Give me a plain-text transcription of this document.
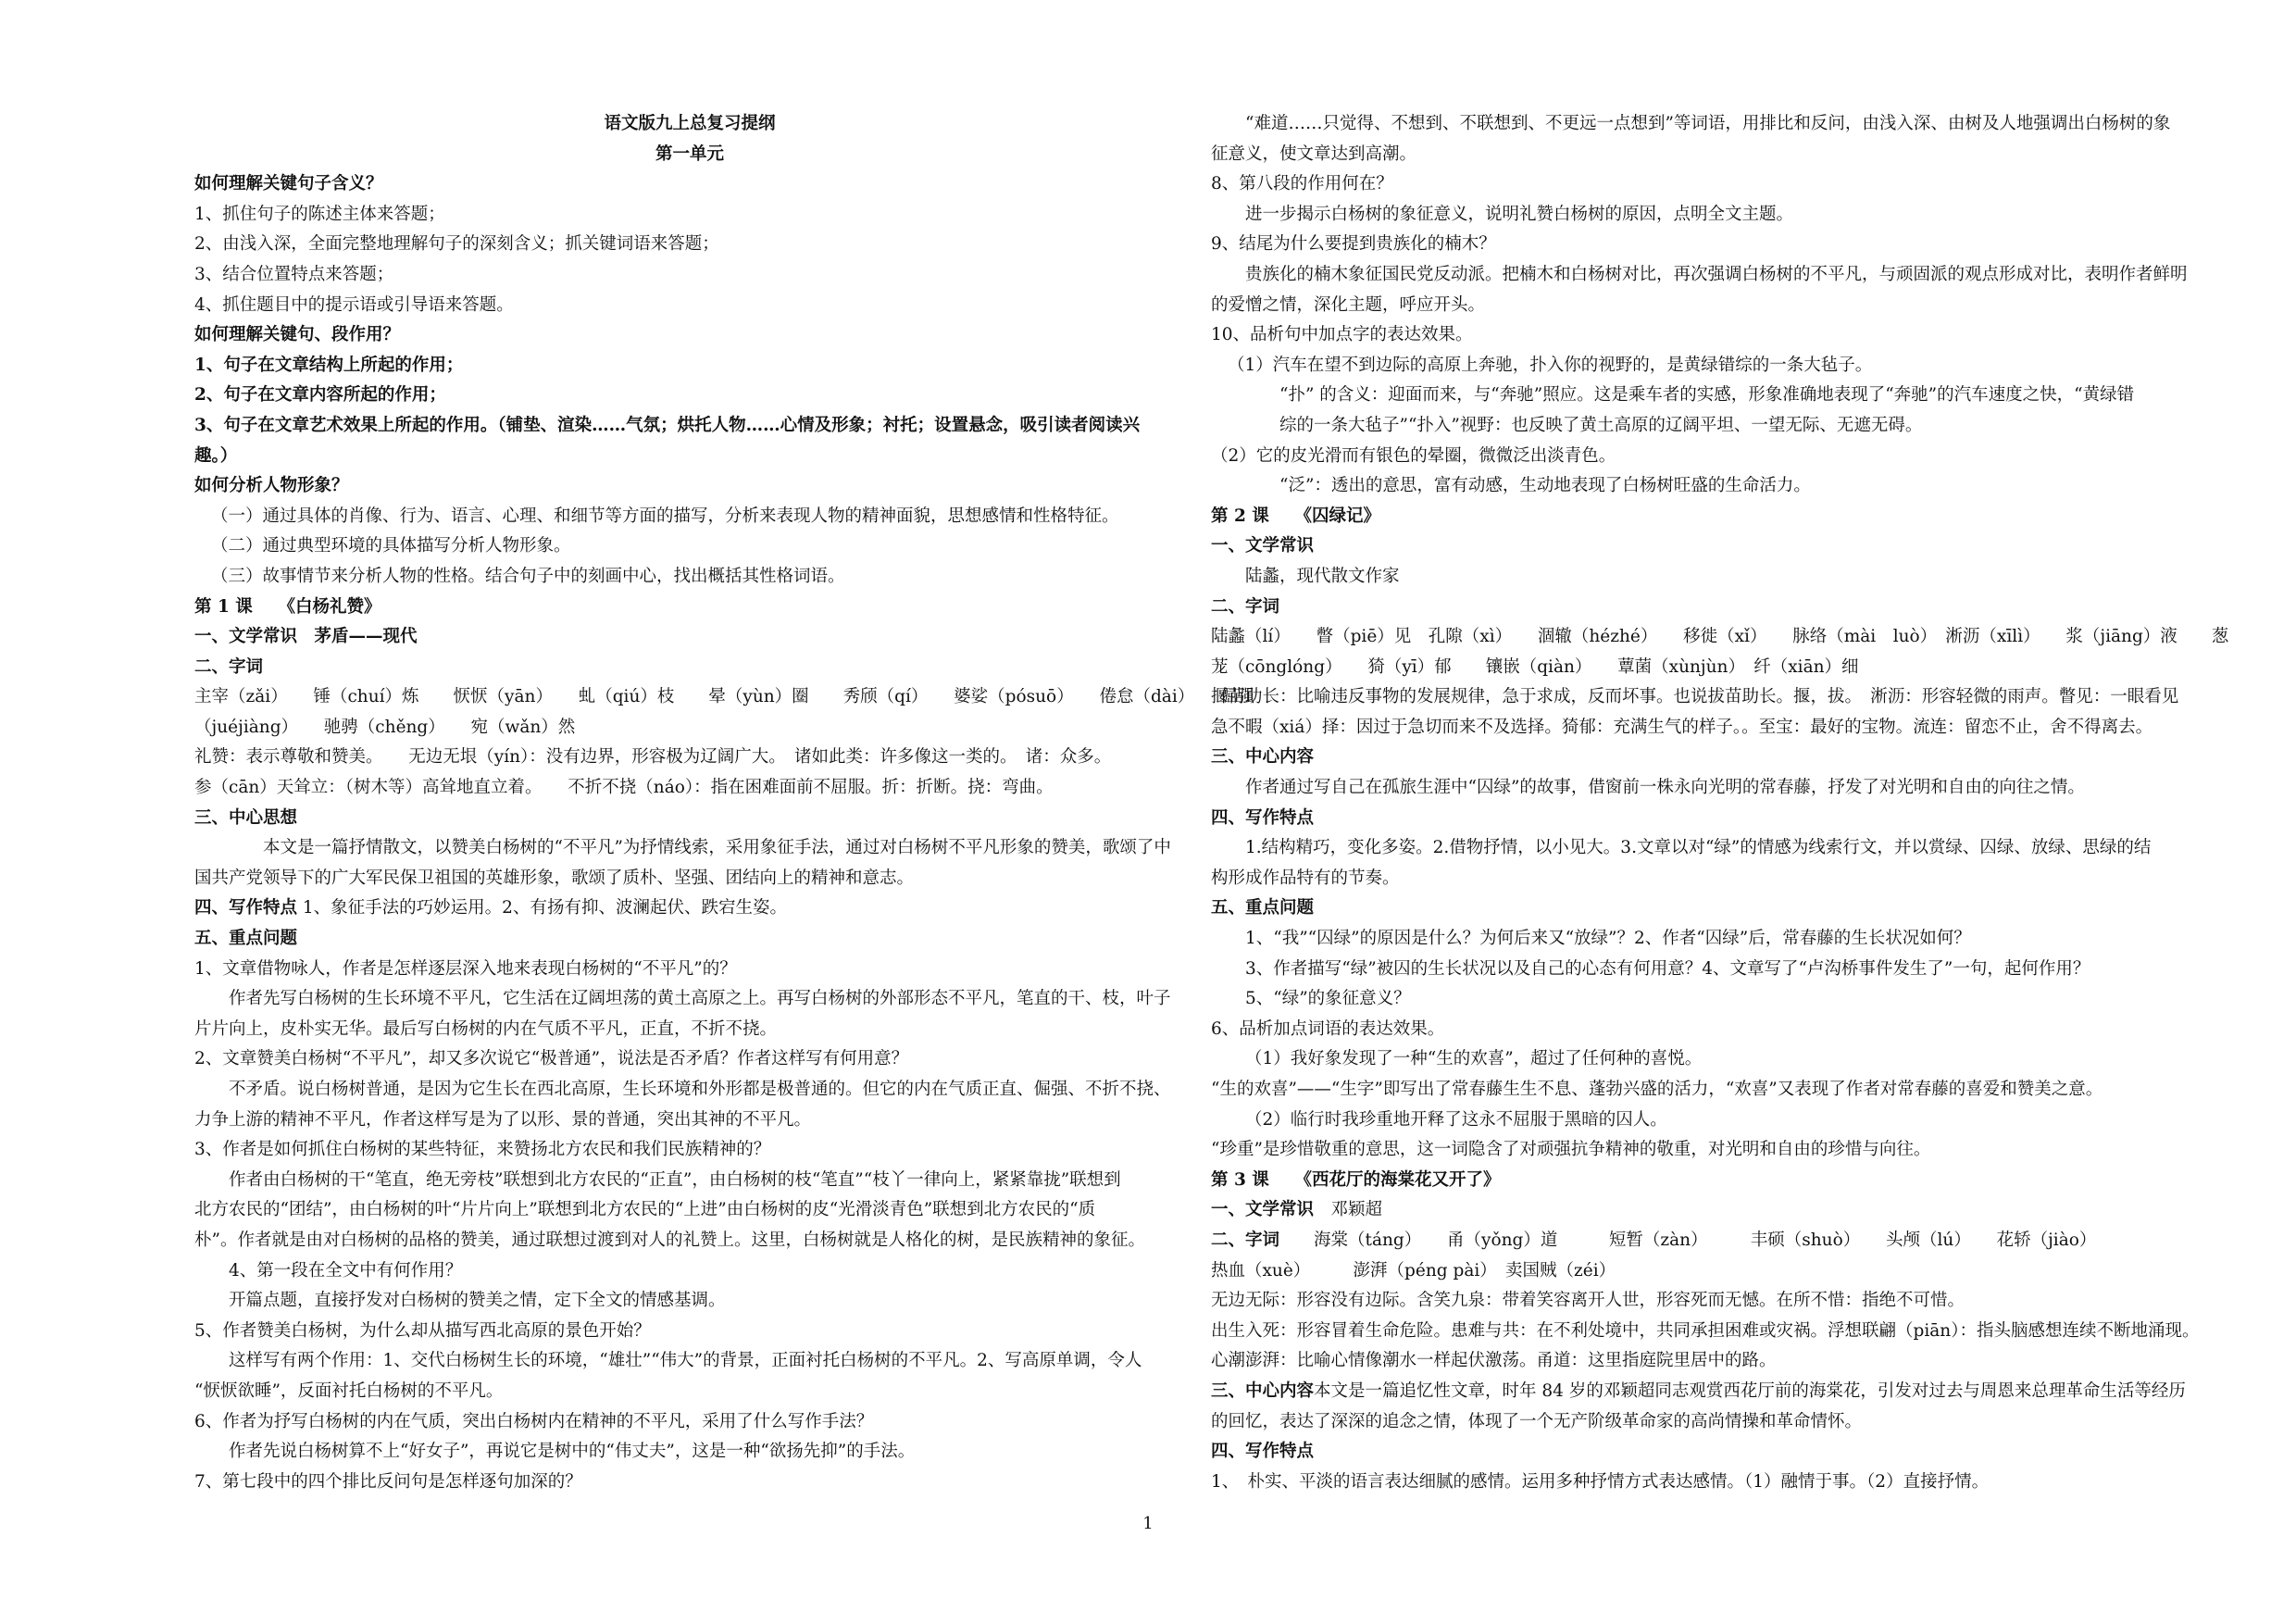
语文版九上总复习提纲
第一单元
如何理解关键句子含义？
1、抓住句子的陈述主体来答题；
2、由浅入深，全面完整地理解句子的深刻含义；抓关键词语来答题；
3、结合位置特点来答题；
4、抓住题目中的提示语或引导语来答题。
如何理解关键句、段作用？
1、句子在文章结构上所起的作用；
2、句子在文章内容所起的作用；
3、句子在文章艺术效果上所起的作用。（铺垫、渲染……气氛；烘托人物……心情及形象；衬托；设置悬念，吸引读者阅读兴
趣。）
如何分析人物形象？
（一）通过具体的肖像、行为、语言、心理、和细节等方面的描写，分析来表现人物的精神面貌，思想感情和性格特征。
（二）通过典型环境的具体描写分析人物形象。
（三）故事情节来分析人物的性格。结合句子中的刻画中心，找出概括其性格词语。
第 1 课　　《白杨礼赞》
一、文学常识　茅盾——现代
二、字词
主宰（zǎi）　　锤（chuí）炼　　恹恹（yān）　　虬（qiú）枝　　晕（yùn）圈　　秀颀（qí）　　婆娑（pósuō）　　倦怠（dài）　　倔强
（juéjiàng）　　驰骋（chěng）　　宛（wǎn）然
礼赞：表示尊敬和赞美。　　无边无垠（yín）：没有边界，形容极为辽阔广大。　诸如此类：许多像这一类的。　诸：众多。
参（cān）天耸立：（树木等）高耸地直立着。　　不折不挠（náo）：指在困难面前不屈服。折：折断。挠：弯曲。
三、中心思想
本文是一篇抒情散文，以赞美白杨树的“不平凡”为抒情线索，采用象征手法，通过对白杨树不平凡形象的赞美，歌颂了中
国共产党领导下的广大军民保卫祖国的英雄形象，歌颂了质朴、坚强、团结向上的精神和意志。
四、写作特点 1、象征手法的巧妙运用。2、有扬有抑、波澜起伏、跌宕生姿。
五、重点问题
1、文章借物咏人，作者是怎样逐层深入地来表现白杨树的“不平凡”的？
作者先写白杨树的生长环境不平凡，它生活在辽阔坦荡的黄土高原之上。再写白杨树的外部形态不平凡，笔直的干、枝，叶子
片片向上，皮朴实无华。最后写白杨树的内在气质不平凡，正直，不折不挠。
2、文章赞美白杨树“不平凡”，却又多次说它“极普通”，说法是否矛盾？作者这样写有何用意？
不矛盾。说白杨树普通，是因为它生长在西北高原，生长环境和外形都是极普通的。但它的内在气质正直、倔强、不折不挠、
力争上游的精神不平凡，作者这样写是为了以形、景的普通，突出其神的不平凡。
3、作者是如何抓住白杨树的某些特征，来赞扬北方农民和我们民族精神的？
作者由白杨树的干“笔直，绝无旁枝”联想到北方农民的“正直”，由白杨树的枝“笔直”“枝丫一律向上，紧紧靠拢”联想到
北方农民的“团结”，由白杨树的叶“片片向上”联想到北方农民的“上进”由白杨树的皮“光滑淡青色”联想到北方农民的“质
朴”。作者就是由对白杨树的品格的赞美，通过联想过渡到对人的礼赞上。这里，白杨树就是人格化的树，是民族精神的象征。
4、第一段在全文中有何作用？
开篇点题，直接抒发对白杨树的赞美之情，定下全文的情感基调。
5、作者赞美白杨树，为什么却从描写西北高原的景色开始？
这样写有两个作用：1、交代白杨树生长的环境，“雄壮”“伟大”的背景，正面衬托白杨树的不平凡。2、写高原单调，令人
“恹恹欲睡”，反面衬托白杨树的不平凡。
6、作者为抒写白杨树的内在气质，突出白杨树内在精神的不平凡，采用了什么写作手法？
作者先说白杨树算不上“好女子”，再说它是树中的“伟丈夫”，这是一种“欲扬先抑”的手法。
7、第七段中的四个排比反问句是怎样逐句加深的？
“难道……只觉得、不想到、不联想到、不更远一点想到”等词语，用排比和反问，由浅入深、由树及人地强调出白杨树的象
征意义，使文章达到高潮。
8、第八段的作用何在？
进一步揭示白杨树的象征意义，说明礼赞白杨树的原因，点明全文主题。
9、结尾为什么要提到贵族化的楠木？
贵族化的楠木象征国民党反动派。把楠木和白杨树对比，再次强调白杨树的不平凡，与顽固派的观点形成对比，表明作者鲜明
的爱憎之情，深化主题，呼应开头。
10、品析句中加点字的表达效果。
（1）汽车在望不到边际的高原上奔驰，扑入你的视野的，是黄绿错综的一条大毡子。
“扑” 的含义：迎面而来，与“奔驰”照应。这是乘车者的实感，形象准确地表现了“奔驰”的汽车速度之快，“黄绿错
综的一条大毡子”“扑入”视野：也反映了黄土高原的辽阔平坦、一望无际、无遮无碍。
（2）它的皮光滑而有银色的晕圈，微微泛出淡青色。
“泛”：透出的意思，富有动感，生动地表现了白杨树旺盛的生命活力。
第 2 课　　《囚绿记》
一、文学常识
陆蠡，现代散文作家
二、字词
陆蠡（lí）　　瞥（piē）见　孔隙（xì）　　涸辙（hézhé）　　移徙（xǐ）　　脉络（mài　luò）　淅沥（xīlì）　　浆（jiāng）液　　葱
茏（cōnglóng）　　猗（yī）郁　　镶嵌（qiàn）　　蕈菌（xùnjùn）　纤（xiān）细
揠苗助长：比喻违反事物的发展规律，急于求成，反而坏事。也说拔苗助长。揠，拔。　淅沥：形容轻微的雨声。瞥见：一眼看见
急不暇（xiá）择：因过于急切而来不及选择。猗郁：充满生气的样子。。至宝：最好的宝物。流连：留恋不止，舍不得离去。
三、中心内容
作者通过写自己在孤旅生涯中“囚绿”的故事，借窗前一株永向光明的常春藤，抒发了对光明和自由的向往之情。
四、写作特点
1.结构精巧，变化多姿。2.借物抒情，以小见大。3.文章以对“绿”的情感为线索行文，并以赏绿、囚绿、放绿、思绿的结
构形成作品特有的节奏。
五、重点问题
1、“我”“囚绿”的原因是什么？为何后来又“放绿”？2、作者“囚绿”后，常春藤的生长状况如何？
3、作者描写“绿”被囚的生长状况以及自己的心态有何用意？4、文章写了“卢沟桥事件发生了”一句，起何作用？
5、“绿”的象征意义？
6、品析加点词语的表达效果。
（1）我好象发现了一种“生的欢喜”，超过了任何种的喜悦。
“生的欢喜”——“生字”即写出了常春藤生生不息、蓬勃兴盛的活力，“欢喜”又表现了作者对常春藤的喜爱和赞美之意。
（2）临行时我珍重地开释了这永不屈服于黑暗的囚人。
“珍重”是珍惜敬重的意思，这一词隐含了对顽强抗争精神的敬重，对光明和自由的珍惜与向往。
第 3 课　　《西花厅的海棠花又开了》
一、文学常识　邓颖超
二、字词　　海棠（táng）　　甬（yǒng）道　　　短暂（zàn）　　　丰硕（shuò）　　头颅（lú）　　花轿（jiào）
热血（xuè）　　　澎湃（péng pài）　卖国贼（zéi）
无边无际：形容没有边际。含笑九泉：带着笑容离开人世，形容死而无憾。在所不惜：指绝不可惜。
出生入死：形容冒着生命危险。患难与共：在不利处境中，共同承担困难或灾祸。浮想联翩（piān）：指头脑感想连续不断地涌现。
心潮澎湃：比喻心情像潮水一样起伏激荡。甬道：这里指庭院里居中的路。
三、中心内容本文是一篇追忆性文章，时年 84 岁的邓颖超同志观赏西花厅前的海棠花，引发对过去与周恩来总理革命生活等经历
的回忆，表达了深深的追念之情，体现了一个无产阶级革命家的高尚情操和革命情怀。
四、写作特点
1、　朴实、平淡的语言表达细腻的感情。运用多种抒情方式表达感情。（1）融情于事。（2）直接抒情。
1
